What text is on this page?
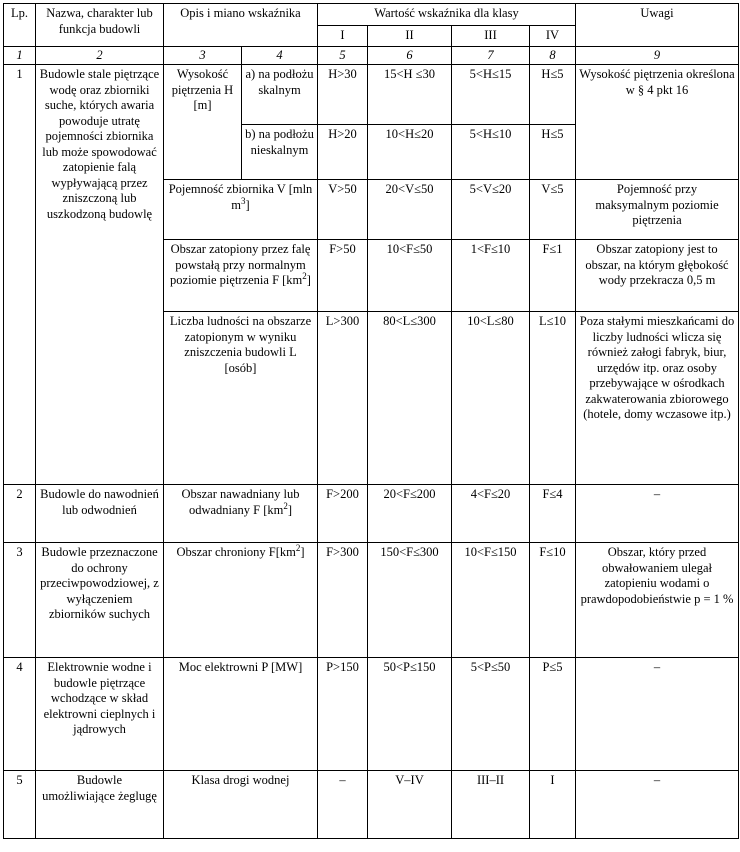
Lp.	Nazwa, charakter lub funkcja budowli	Opis i miano wskaźnika		Wartość wskaźnika dla klasy				Uwagi
				I	II	III	IV	
1	2	3	4	5	6	7	8	9
1	Budowle stale piętrzące wodę oraz zbiorniki suche, których awaria powoduje utratę pojemności zbiornika lub może spowodować zatopienie falą wypływającą przez zniszczoną lub uszkodzoną budowlę	Wysokość piętrzenia H [m]	a) na podłożu skalnym	H>30	15<H ≤30	5<H≤15	H≤5	Wysokość piętrzenia określona w § 4 pkt 16
			b) na podłożu nieskalnym	H>20	10<H≤20	5<H≤10	H≤5	
		Pojemność zbiornika V [mln $m^3$]		V>50	20<V≤50	5<V≤20	V≤5	Pojemność przy maksymalnym poziomie piętrzenia
		Obszar zatopiony przez falę powstałą przy normalnym poziomie piętrzenia F $[km^2]$		F>50	10<F≤50	1<F≤10	F≤1	Obszar zatopiony jest to obszar, na którym głębokość wody przekracza 0,5 m
		Liczba ludności na obszarze zatopionym w wyniku zniszczenia budowli L [osób]		L>300	80<L≤300	10<L≤80	L≤10	Poza stałymi mieszkańcami do liczby ludności wlicza się również załogi fabryk, biur, urzędów itp. oraz osoby przebywające w ośrodkach zakwaterowania zbiorowego (hotele, domy wczasowe itp.)
2	Budowle do nawodnień lub odwodnień	Obszar nawadniany lub odwadniany F $[km^2]$		F>200	20<F≤200	4<F≤20	F≤4	–
3	Budowle przeznaczone do ochrony przeciwpowodziowej, z wyłączeniem zbiorników suchych	Obszar chroniony $F[km^2]$		F>300	150<F≤300	10<F≤150	F≤10	Obszar, który przed obwałowaniem ulegał zatopieniu wodami o prawdopodobieństwie p = 1 %
4	Elektrownie wodne i budowle piętrzące wchodzące w skład elektrowni cieplnych i jądrowych	Moc elektrowni P [MW]		P>150	50<P≤150	5<P≤50	P≤5	–
5	Budowle umożliwiające żeglugę	Klasa drogi wodnej		–	V–IV	III–II	I	–
